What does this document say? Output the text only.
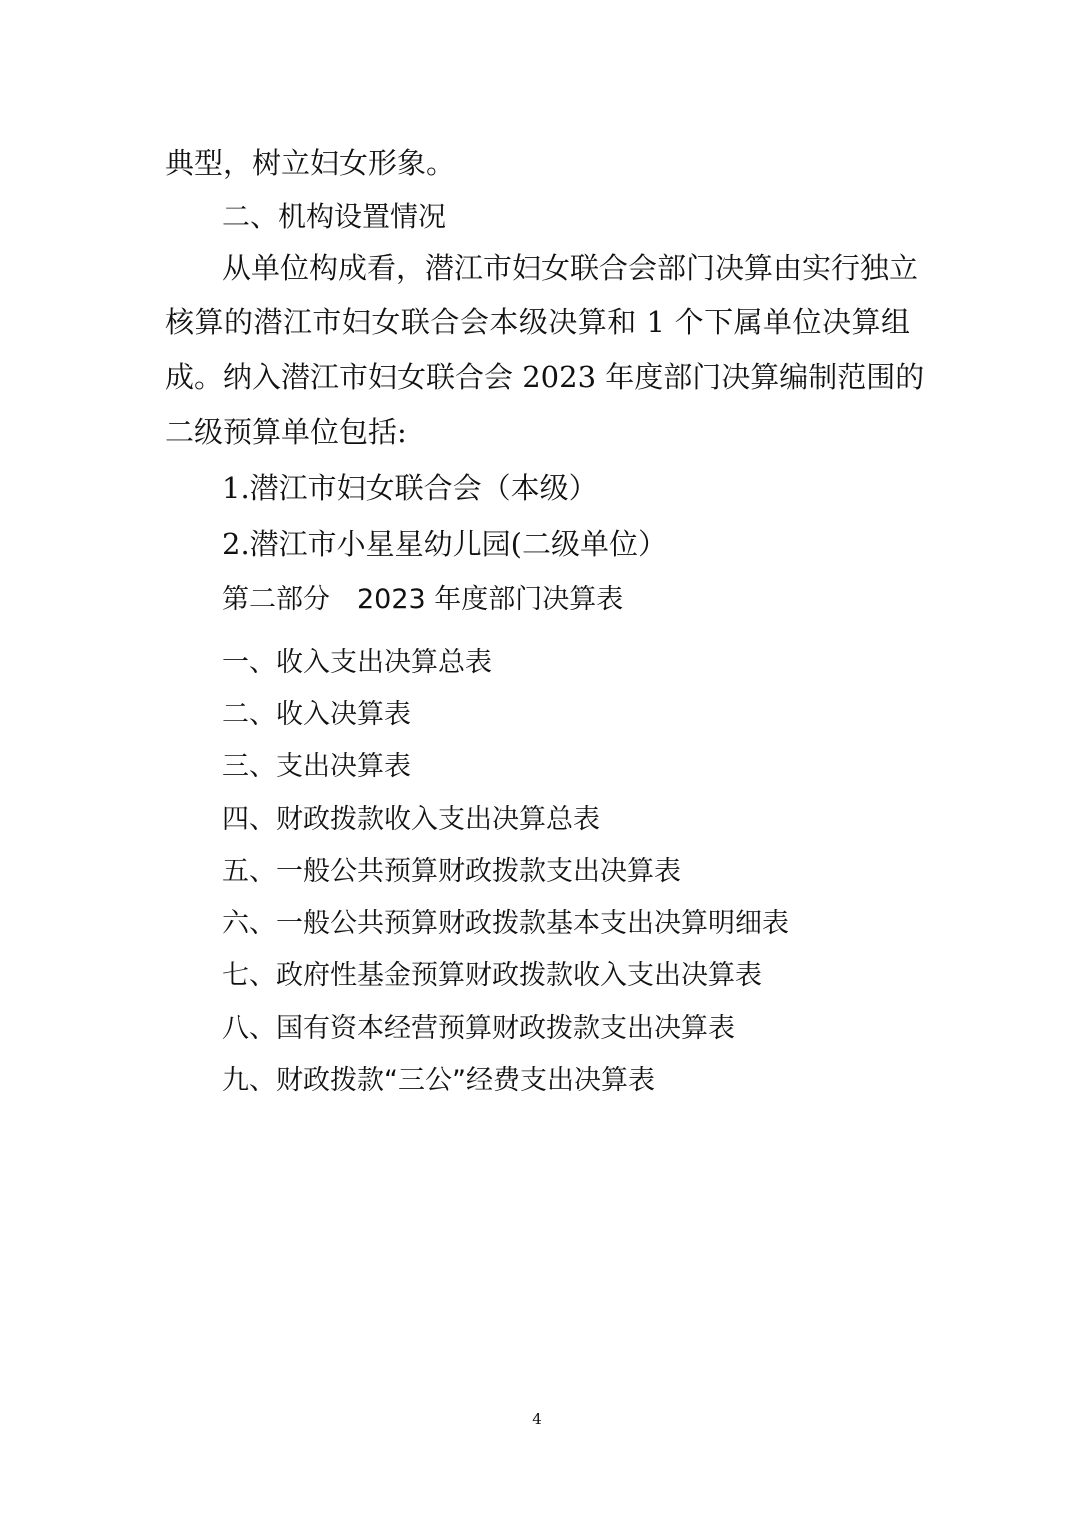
典型，树立妇女形象。
二、机构设置情况
从单位构成看，潜江市妇女联合会部门决算由实行独立
核算的潜江市妇女联合会本级决算和 1 个下属单位决算组
成。纳入潜江市妇女联合会 2023 年度部门决算编制范围的
二级预算单位包括:
1.潜江市妇女联合会（本级）
2.潜江市小星星幼儿园(二级单位）
第二部分　2023 年度部门决算表
一、收入支出决算总表
二、收入决算表
三、支出决算表
四、财政拨款收入支出决算总表
五、一般公共预算财政拨款支出决算表
六、一般公共预算财政拨款基本支出决算明细表
七、政府性基金预算财政拨款收入支出决算表
八、国有资本经营预算财政拨款支出决算表
九、财政拨款“三公”经费支出决算表
4
